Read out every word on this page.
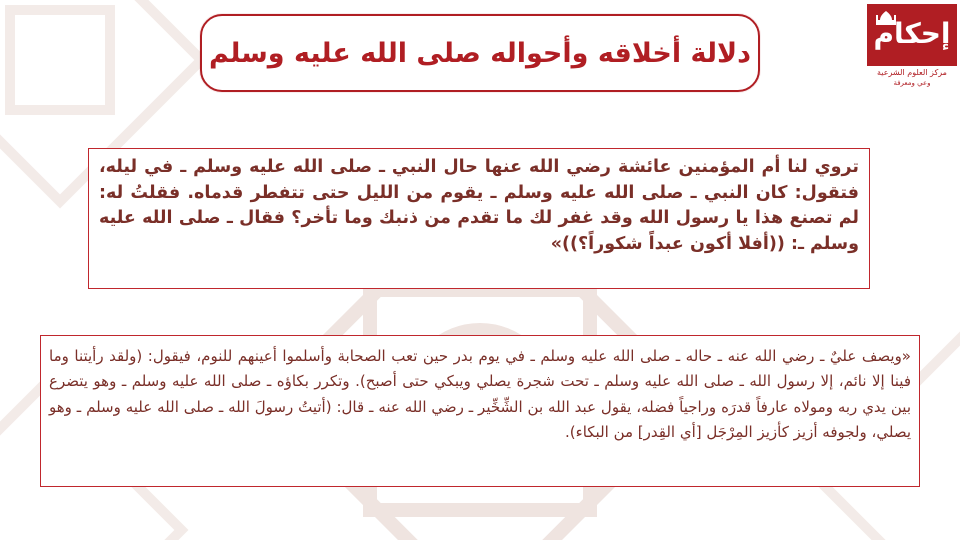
دلالة أخلاقه وأحواله صلى الله عليه وسلم
إحكام
مركز العلوم الشرعية
وعي ومعرفة

تروي لنا أم المؤمنين عائشة رضي الله عنها حال النبي ـ صلى الله عليه وسلم ـ في ليله، فتقول: كان النبي ـ صلى الله عليه وسلم ـ يقوم من الليل حتى تتفطر قدماه. فقلتُ له: لم تصنع هذا يا رسول الله وقد غفر لك ما تقدم من ذنبك وما تأخر؟ فقال ـ صلى الله عليه وسلم ـ: ((أفلا أكون عبداً شكوراً؟))»

«ويصف عليٌ ـ رضي الله عنه ـ حاله ـ صلى الله عليه وسلم ـ في يوم بدر حين تعب الصحابة وأسلموا أعينهم للنوم، فيقول: (ولقد رأيتنا وما فينا إلا نائم، إلا رسول الله ـ صلى الله عليه وسلم ـ تحت شجرة يصلي ويبكي حتى أصبح). وتكرر بكاؤه ـ صلى الله عليه وسلم ـ وهو يتضرع بين يدي ربه ومولاه عارفاً قدرَه وراجياً فضله، يقول عبد الله بن الشِّخِّير ـ رضي الله عنه ـ قال: (أتيتُ رسولَ الله ـ صلى الله عليه وسلم ـ وهو يصلي، ولجوفه أزيز كأزيز المِرْجَل [أي القِدر] من البكاء).
